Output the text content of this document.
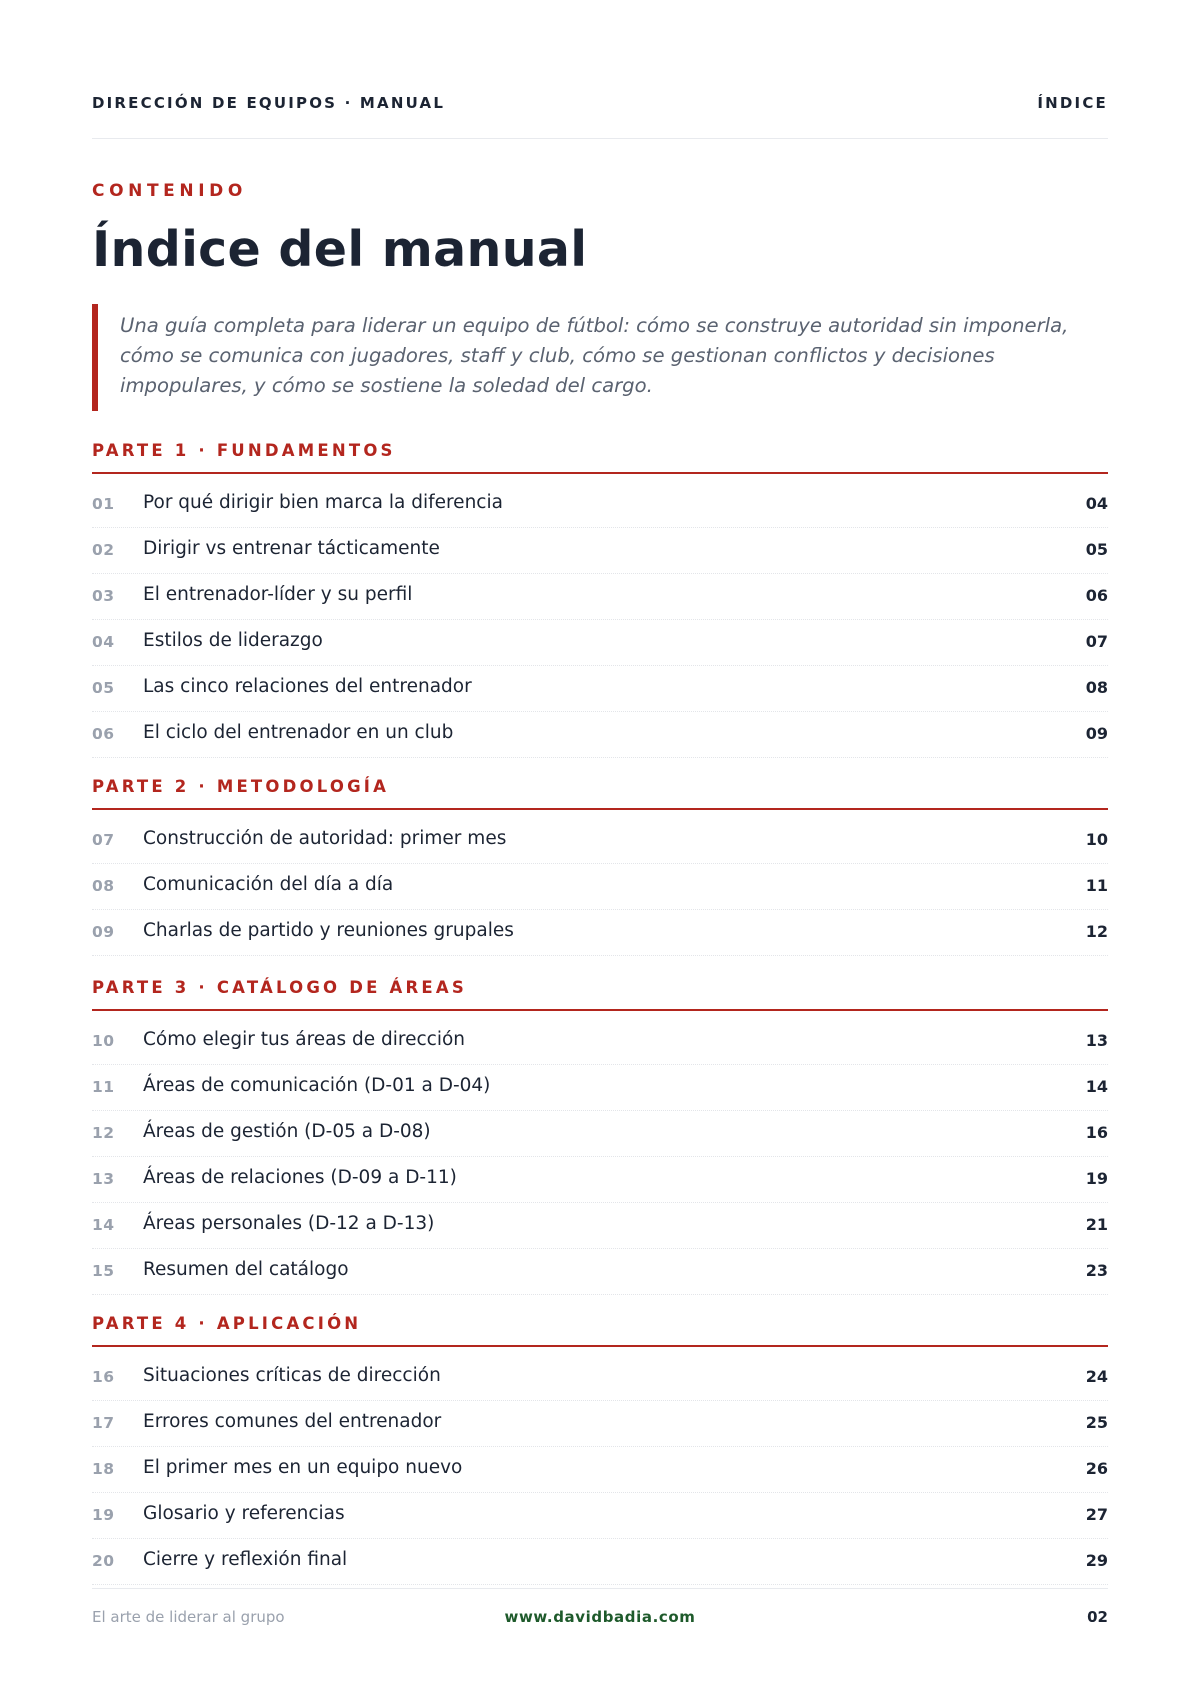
DIRECCIÓN DE EQUIPOS · MANUAL	ÍNDICE
CONTENIDO
Índice del manual

Una guía completa para liderar un equipo de fútbol: cómo se construye autoridad sin imponerla, cómo se comunica con jugadores, staff y club, cómo se gestionan conflictos y decisiones impopulares, y cómo se sostiene la soledad del cargo.

PARTE 1 · FUNDAMENTOS
01 Por qué dirigir bien marca la diferencia	04
02 Dirigir vs entrenar tácticamente	05
03 El entrenador-líder y su perfil	06
04 Estilos de liderazgo	07
05 Las cinco relaciones del entrenador	08
06 El ciclo del entrenador en un club	09
PARTE 2 · METODOLOGÍA
07 Construcción de autoridad: primer mes	10
08 Comunicación del día a día	11
09 Charlas de partido y reuniones grupales	12
PARTE 3 · CATÁLOGO DE ÁREAS
10 Cómo elegir tus áreas de dirección	13
11 Áreas de comunicación (D-01 a D-04)	14
12 Áreas de gestión (D-05 a D-08)	16
13 Áreas de relaciones (D-09 a D-11)	19
14 Áreas personales (D-12 a D-13)	21
15 Resumen del catálogo	23
PARTE 4 · APLICACIÓN
16 Situaciones críticas de dirección	24
17 Errores comunes del entrenador	25
18 El primer mes en un equipo nuevo	26
19 Glosario y referencias	27
20 Cierre y reflexión final	29
El arte de liderar al grupo	www.davidbadia.com	02
